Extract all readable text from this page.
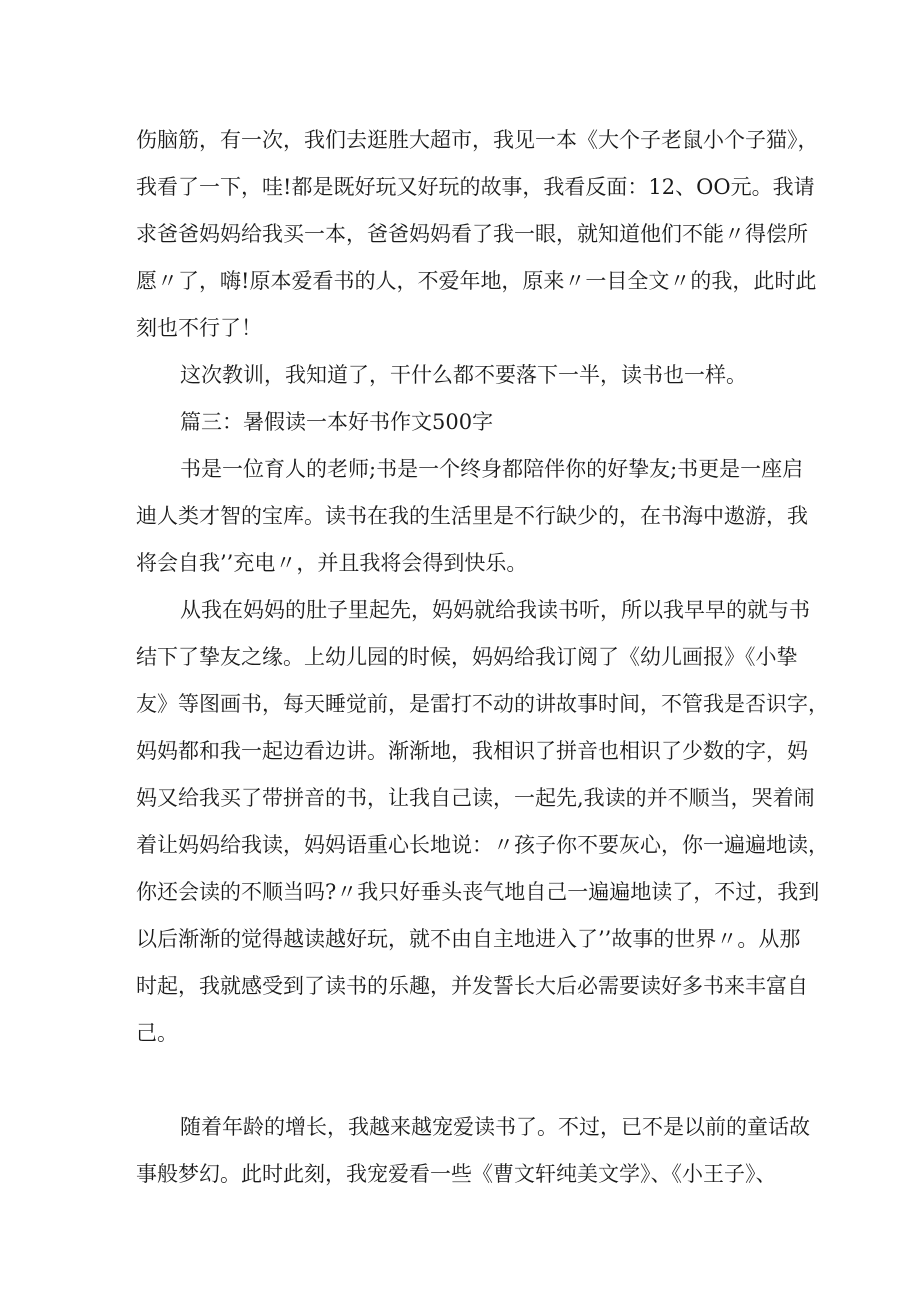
伤脑筋，有一次，我们去逛胜大超市，我见一本《大个子老鼠小个子猫》，
我看了一下，哇!都是既好玩又好玩的故事，我看反面：12、OO元。我请
求爸爸妈妈给我买一本，爸爸妈妈看了我一眼，就知道他们不能〃得偿所
愿〃了，嗨!原本爱看书的人，不爱年地，原来〃一目全文〃的我，此时此
刻也不行了！
这次教训，我知道了，干什么都不要落下一半，读书也一样。
篇三：暑假读一本好书作文500字
书是一位育人的老师;书是一个终身都陪伴你的好挚友;书更是一座启
迪人类才智的宝库。读书在我的生活里是不行缺少的，在书海中遨游，我
将会自我’’充电〃，并且我将会得到快乐。
从我在妈妈的肚子里起先，妈妈就给我读书听，所以我早早的就与书
结下了挚友之缘。上幼儿园的时候，妈妈给我订阅了《幼儿画报》《小挚
友》等图画书，每天睡觉前，是雷打不动的讲故事时间，不管我是否识字，
妈妈都和我一起边看边讲。渐渐地，我相识了拼音也相识了少数的字，妈
妈又给我买了带拼音的书，让我自己读，一起先,我读的并不顺当，哭着闹
着让妈妈给我读，妈妈语重心长地说：〃孩子你不要灰心，你一遍遍地读，
你还会读的不顺当吗?〃我只好垂头丧气地自己一遍遍地读了，不过，我到
以后渐渐的觉得越读越好玩，就不由自主地进入了’’故事的世界〃。从那
时起，我就感受到了读书的乐趣，并发誓长大后必需要读好多书来丰富自
己。
随着年龄的增长，我越来越宠爱读书了。不过，已不是以前的童话故
事般梦幻。此时此刻，我宠爱看一些《曹文轩纯美文学》、《小王子》、
